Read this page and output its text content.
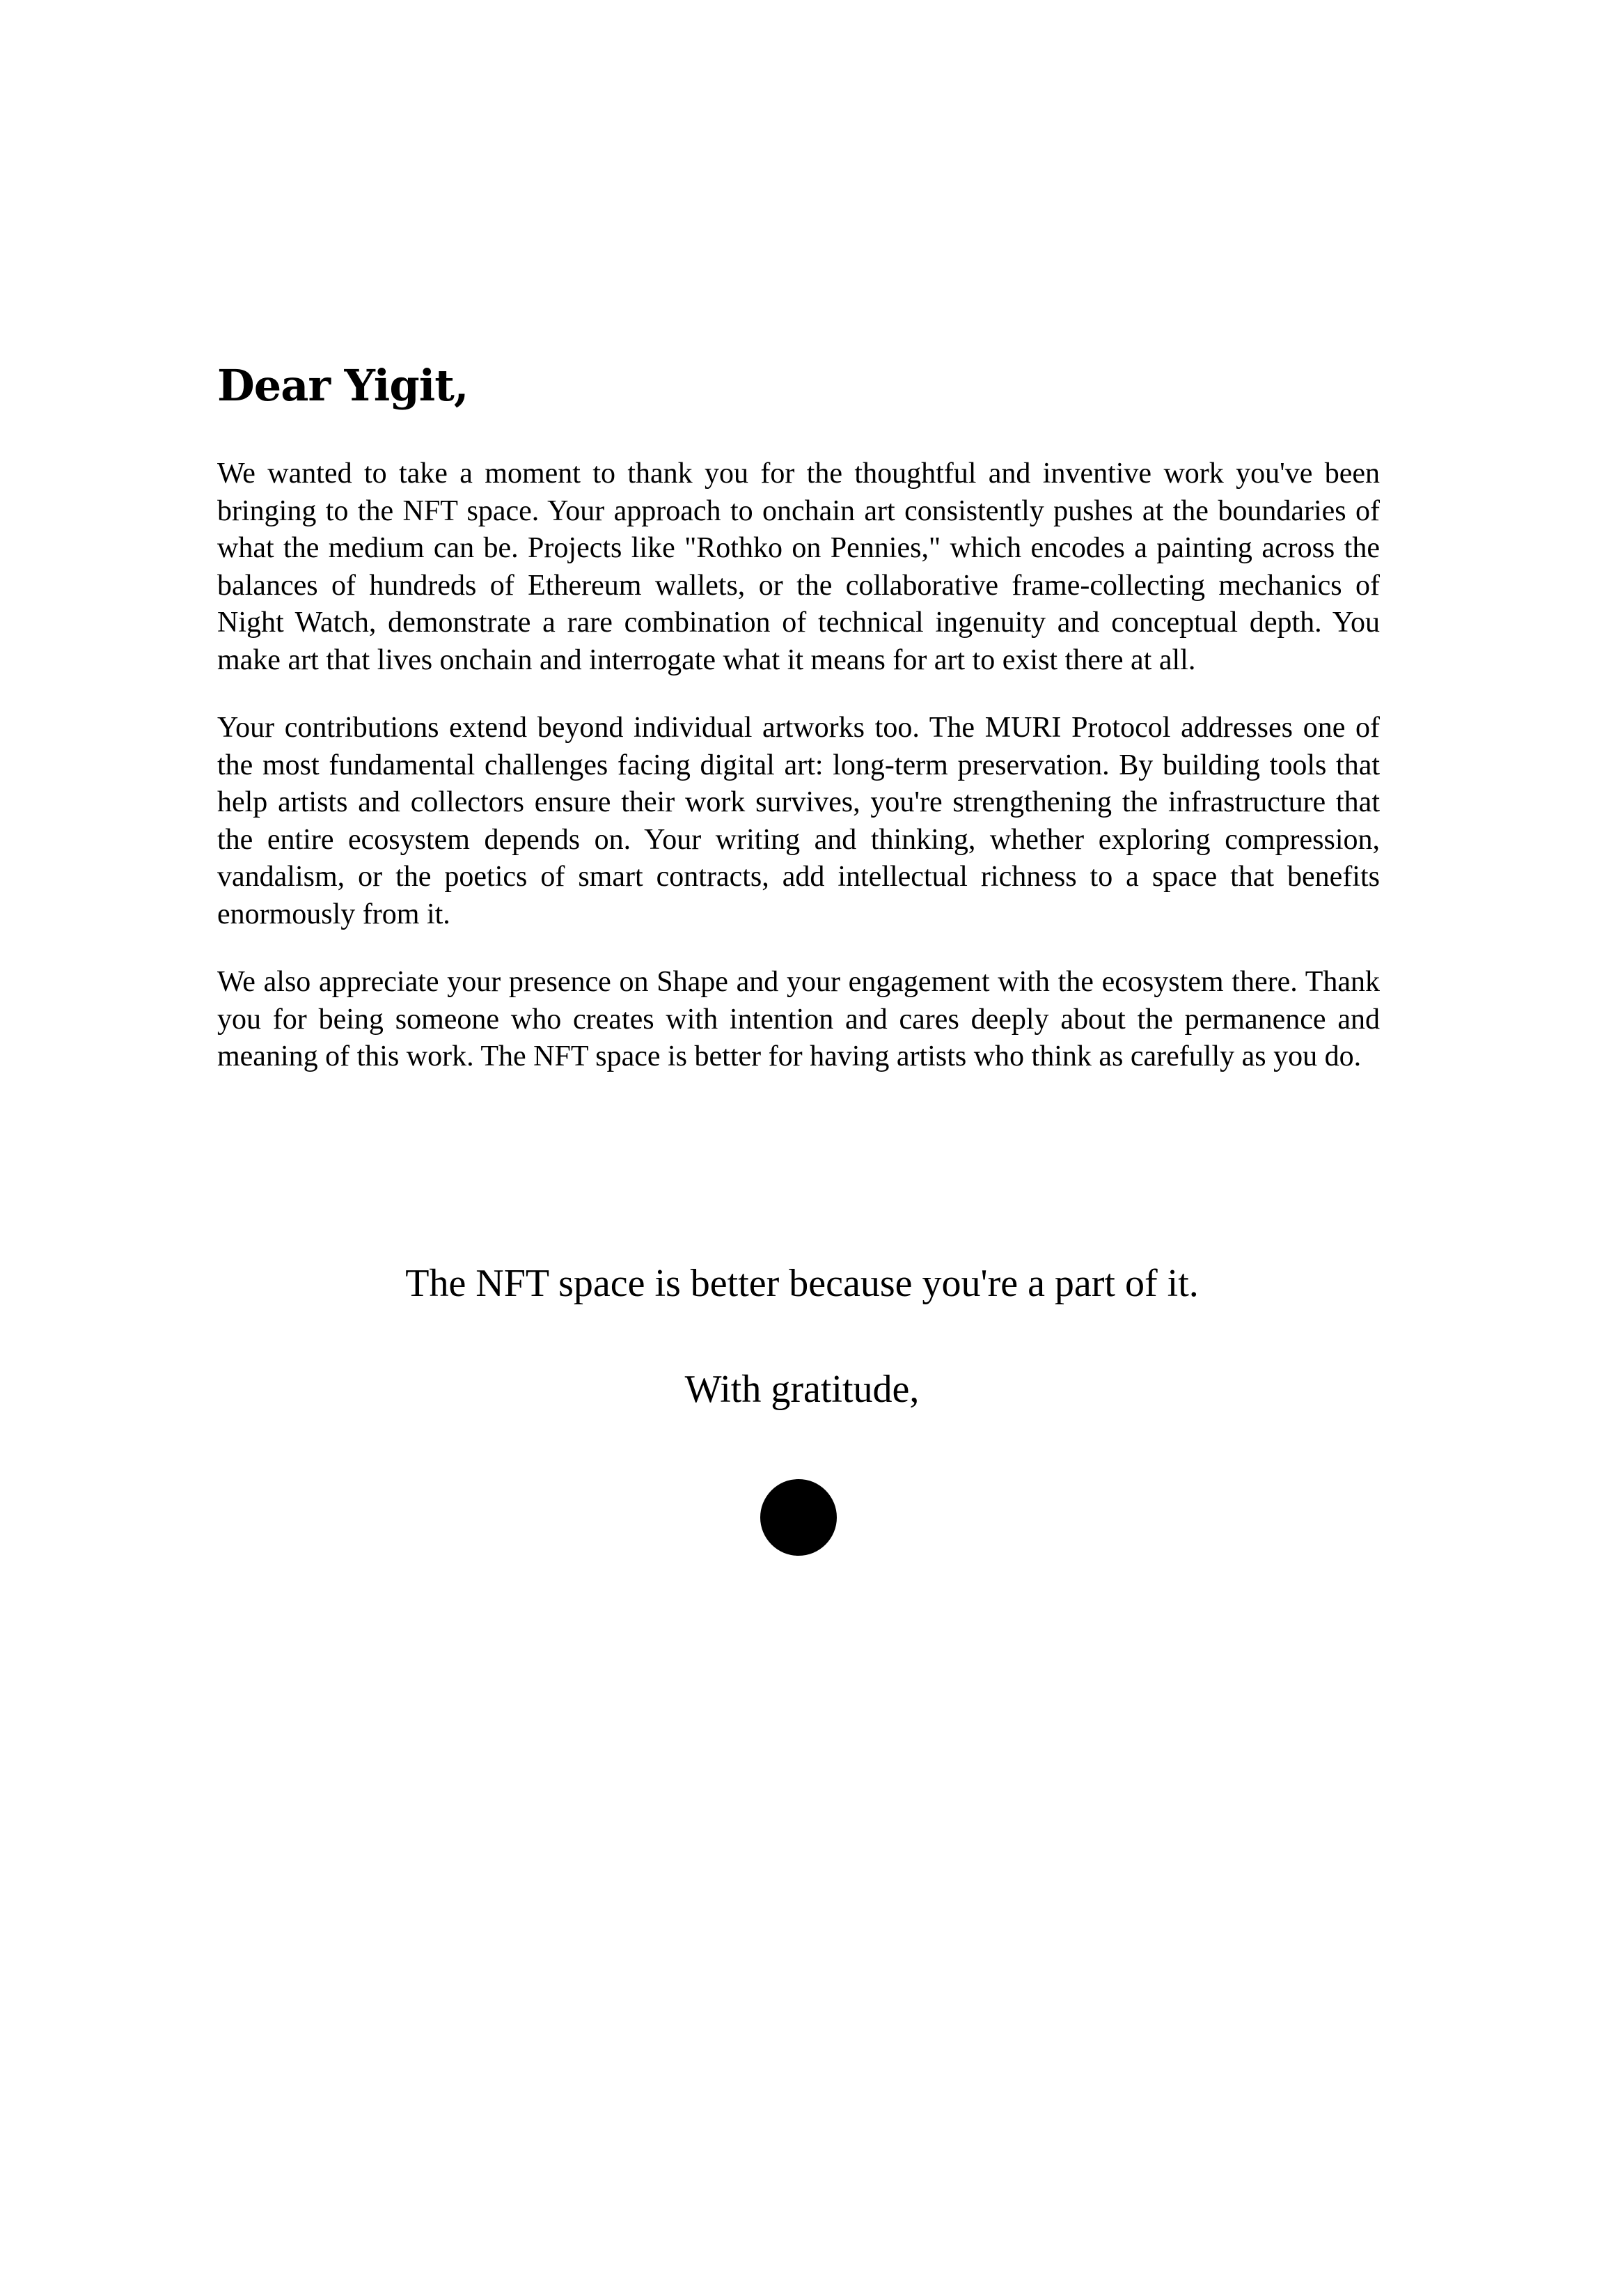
Dear Yigit,

We wanted to take a moment to thank you for the thoughtful and inventive work you've been bringing to the NFT space. Your approach to onchain art consistently pushes at the boundaries of what the medium can be. Projects like "Rothko on Pennies," which encodes a painting across the balances of hundreds of Ethereum wallets, or the collaborative frame-collecting mechanics of Night Watch, demonstrate a rare combination of technical ingenuity and conceptual depth. You make art that lives onchain and interrogate what it means for art to exist there at all.

Your contributions extend beyond individual artworks too. The MURI Protocol addresses one of the most fundamental challenges facing digital art: long-term preservation. By building tools that help artists and collectors ensure their work survives, you're strengthening the infrastructure that the entire ecosystem depends on. Your writing and thinking, whether exploring compression, vandalism, or the poetics of smart contracts, add intellectual richness to a space that benefits enormously from it.

We also appreciate your presence on Shape and your engagement with the ecosystem there. Thank you for being someone who creates with intention and cares deeply about the permanence and meaning of this work. The NFT space is better for having artists who think as carefully as you do.

The NFT space is better because you're a part of it.

With gratitude,
